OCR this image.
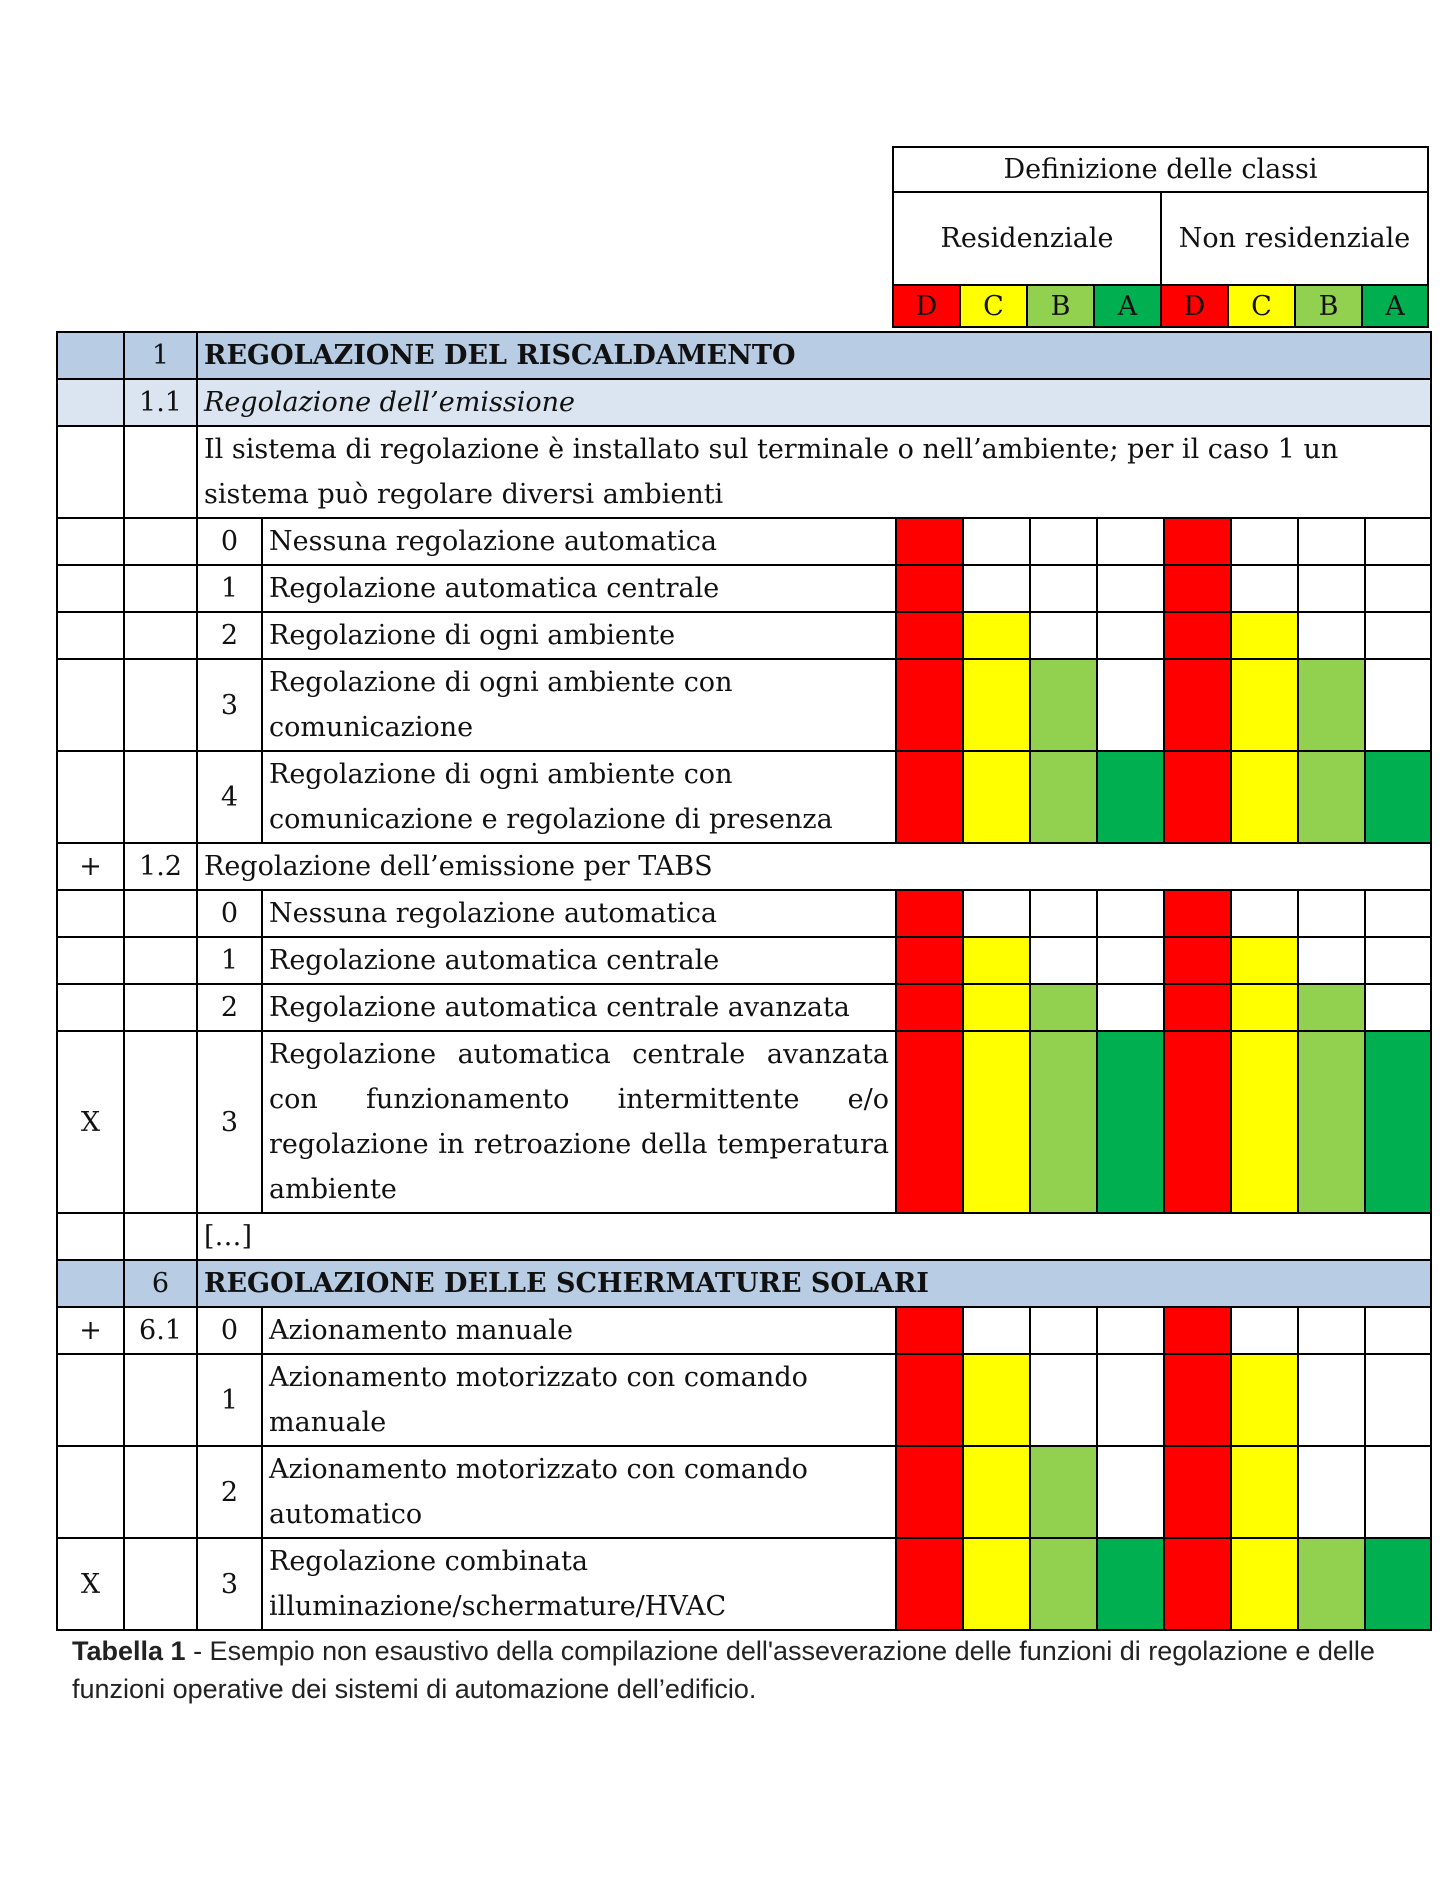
Definizione delle classi							
Residenziale				Non residenziale			
D	C	B	A	D	C	B	A
	1	REGOLAZIONE DEL RISCALDAMENTO									
	1.1	Regolazione dell’emissione									
		Il sistema di regolazione è installato sul terminale o nell’ambiente; per il caso 1 un sistema può regolare diversi ambienti									
		0	Nessuna regolazione automatica								
		1	Regolazione automatica centrale								
		2	Regolazione di ogni ambiente								
		3	Regolazione di ogni ambiente con comunicazione								
		4	Regolazione di ogni ambiente con comunicazione e regolazione di presenza								
+	1.2	Regolazione dell’emissione per TABS									
		0	Nessuna regolazione automatica								
		1	Regolazione automatica centrale								
		2	Regolazione automatica centrale avanzata								
X		3	Regolazione automatica centrale avanzata con funzionamento intermittente e/o regolazione in retroazione della temperatura ambiente								
		[…]									
	6	REGOLAZIONE DELLE SCHERMATURE SOLARI									
+	6.1	0	Azionamento manuale								
		1	Azionamento motorizzato con comando manuale								
		2	Azionamento motorizzato con comando automatico								
X		3	Regolazione combinata illuminazione/schermature/HVAC								
Tabella 1 - Esempio non esaustivo della compilazione dell'asseverazione delle funzioni di regolazione e delle funzioni operative dei sistemi di automazione dell’edificio.
